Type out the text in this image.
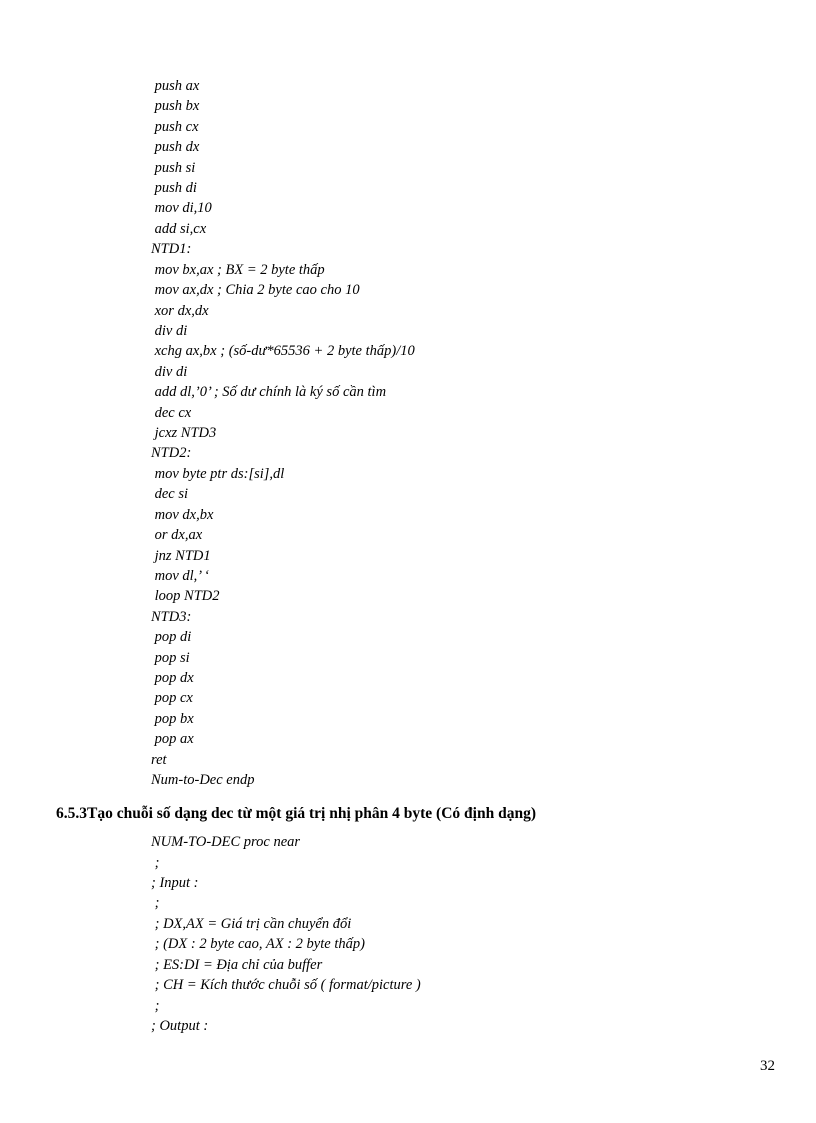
push ax
push bx
push cx
push dx
push si
push di
mov di,10
add si,cx
NTD1:
mov bx,ax ; BX = 2 byte thấp
mov ax,dx ; Chia 2 byte cao cho 10
xor dx,dx
div di
xchg ax,bx ; (số-dư*65536 + 2 byte thấp)/10
div di
add dl,’0’ ; Số dư chính là ký số cần tìm
dec cx
jcxz NTD3
NTD2:
mov byte ptr ds:[si],dl
dec si
mov dx,bx
or dx,ax
jnz NTD1
mov dl,’ ‘
loop NTD2
NTD3:
pop di
pop si
pop dx
pop cx
pop bx
pop ax
ret
Num-to-Dec endp
6.5.3Tạo chuỗi số dạng dec từ một giá trị nhị phân 4 byte (Có định dạng)
NUM-TO-DEC proc near
;
; Input :
;
; DX,AX = Giá trị cần chuyển đổi
; (DX : 2 byte cao, AX : 2 byte thấp)
; ES:DI = Địa chỉ của buffer
; CH = Kích thước chuỗi số ( format/picture )
;
; Output :
32
